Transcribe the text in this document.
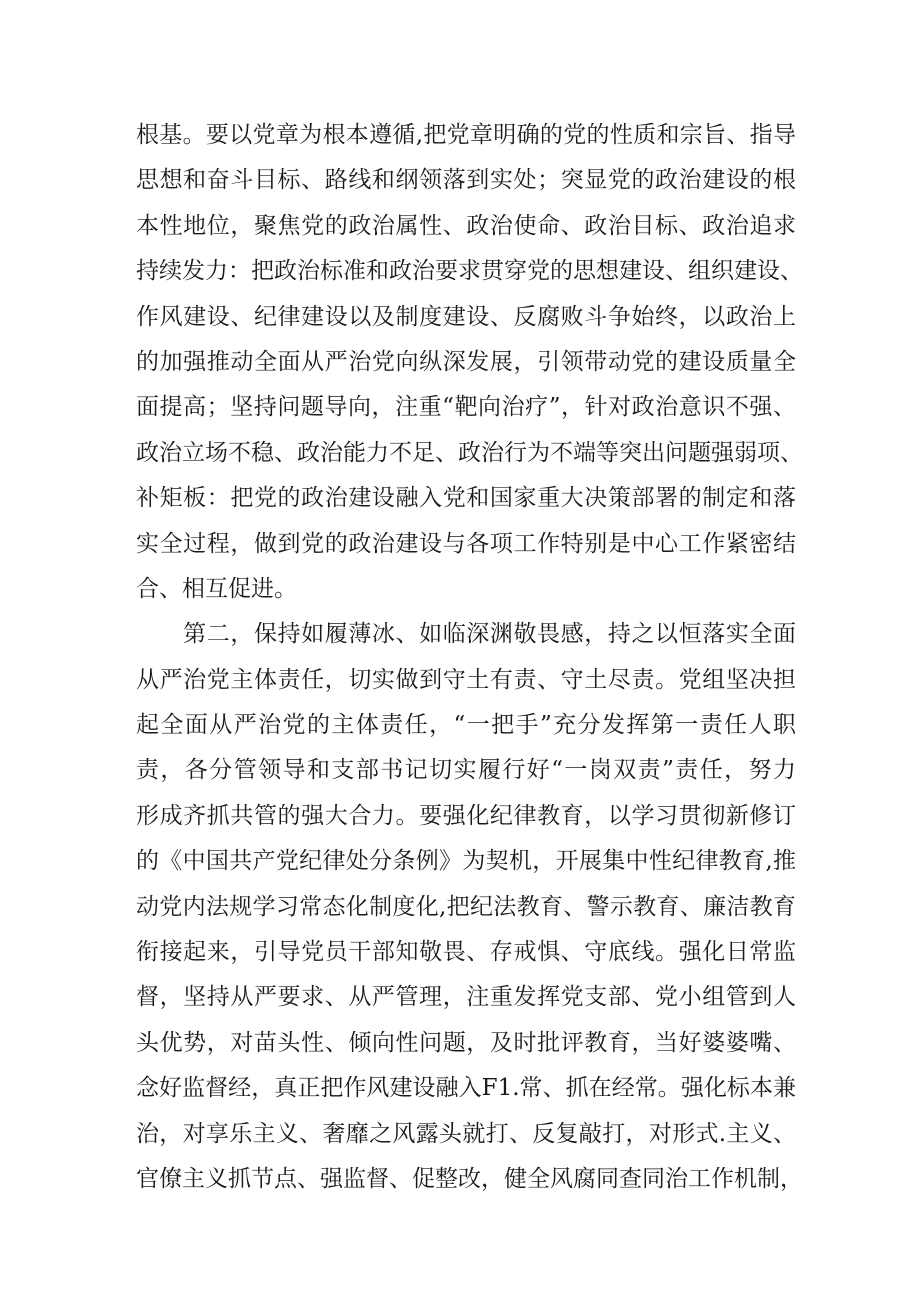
根基。要以党章为根本遵循,把党章明确的党的性质和宗旨、指导

思想和奋斗目标、路线和纲领落到实处；突显党的政治建设的根

本性地位，聚焦党的政治属性、政治使命、政治目标、政治追求

持续发力：把政治标准和政治要求贯穿党的思想建设、组织建设、

作风建设、纪律建设以及制度建设、反腐败斗争始终，以政治上

的加强推动全面从严治党向纵深发展，引领带动党的建设质量全

面提高；坚持问题导向，注重“靶向治疗”，针对政治意识不强、

政治立场不稳、政治能力不足、政治行为不端等突出问题强弱项、

补矩板：把党的政治建设融入党和国家重大决策部署的制定和落

实全过程，做到党的政治建设与各项工作特别是中心工作紧密结

合、相互促进。

　　第二，保持如履薄冰、如临深渊敬畏感，持之以恒落实全面

从严治党主体责任，切实做到守土有责、守土尽责。党组坚决担

起全面从严治党的主体责任，“一把手”充分发挥第一责任人职

责，各分管领导和支部书记切实履行好“一岗双责”责任，努力

形成齐抓共管的强大合力。要强化纪律教育，以学习贯彻新修订

的《中国共产党纪律处分条例》为契机，开展集中性纪律教育,推

动党内法规学习常态化制度化,把纪法教育、警示教育、廉洁教育

衔接起来，引导党员干部知敬畏、存戒惧、守底线。强化日常监

督，坚持从严要求、从严管理，注重发挥党支部、党小组管到人

头优势，对苗头性、倾向性问题，及时批评教育，当好婆婆嘴、

念好监督经，真正把作风建设融入F1.常、抓在经常。强化标本兼

治，对享乐主义、奢靡之风露头就打、反复敲打，对形式.主义、

官僚主义抓节点、强监督、促整改，健全风腐同查同治工作机制，
